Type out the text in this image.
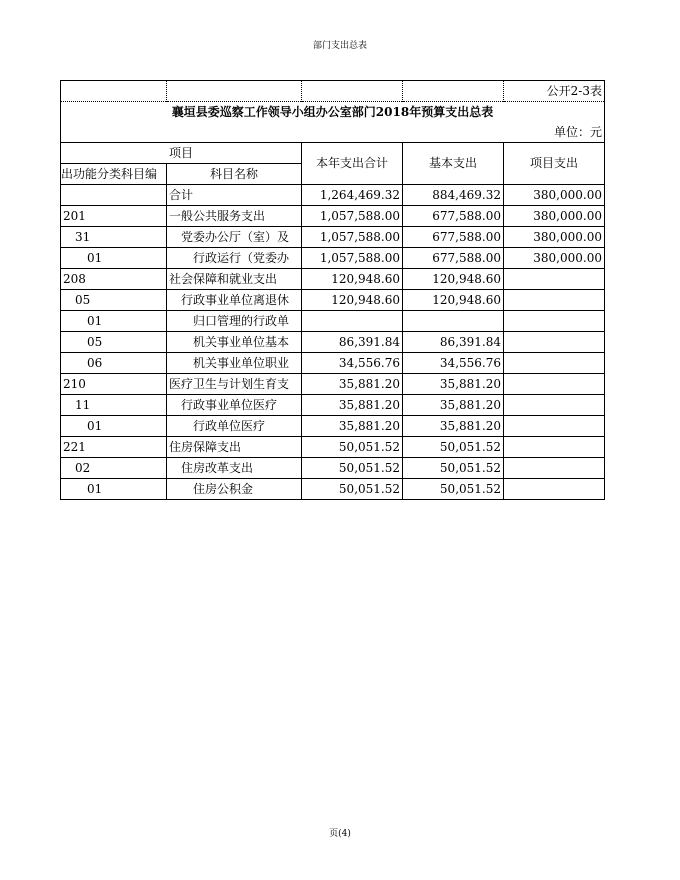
部门支出总表
				公开2-3表
襄垣县委巡察工作领导小组办公室部门2018年预算支出总表				
单位：元				
项目		本年支出合计	基本支出	项目支出
出功能分类科目编	科目名称			
	合计	1,264,469.32	884,469.32	380,000.00
201	一般公共服务支出	1,057,588.00	677,588.00	380,000.00
31	党委办公厅（室）及	1,057,588.00	677,588.00	380,000.00
01	行政运行（党委办	1,057,588.00	677,588.00	380,000.00
208	社会保障和就业支出	120,948.60	120,948.60	
05	行政事业单位离退休	120,948.60	120,948.60	
01	归口管理的行政单			
05	机关事业单位基本	86,391.84	86,391.84	
06	机关事业单位职业	34,556.76	34,556.76	
210	医疗卫生与计划生育支	35,881.20	35,881.20	
11	行政事业单位医疗	35,881.20	35,881.20	
01	行政单位医疗	35,881.20	35,881.20	
221	住房保障支出	50,051.52	50,051.52	
02	住房改革支出	50,051.52	50,051.52	
01	住房公积金	50,051.52	50,051.52	
页(4)
